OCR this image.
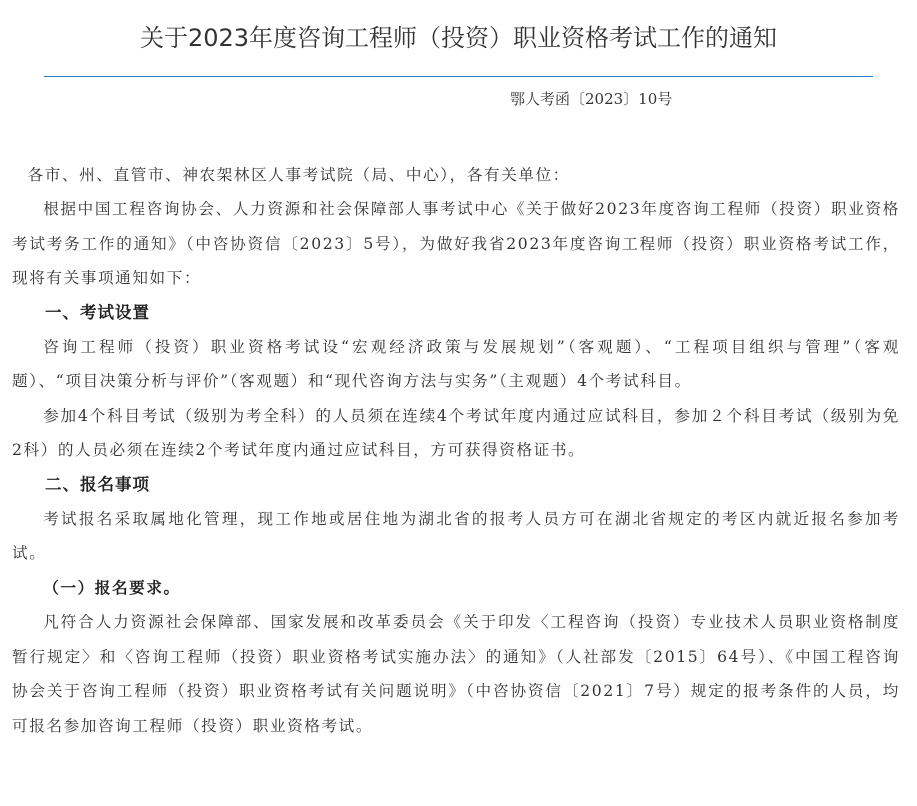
关于2023年度咨询工程师（投资）职业资格考试工作的通知
鄂人考函〔2023〕10号

各市、州、直管市、神农架林区人事考试院（局、中心），各有关单位：

根据中国工程咨询协会、人力资源和社会保障部人事考试中心《关于做好2023年度咨询工程师（投资）职业资格考试考务工作的通知》（中咨协资信〔2023〕5号），为做好我省2023年度咨询工程师（投资）职业资格考试工作，现将有关事项通知如下：

一、考试设置

咨询工程师（投资）职业资格考试设“宏观经济政策与发展规划”（客观题）、“工程项目组织与管理”（客观题）、“项目决策分析与评价”（客观题）和“现代咨询方法与实务”（主观题）4个考试科目。

参加4个科目考试（级别为考全科）的人员须在连续4个考试年度内通过应试科目，参加２个科目考试（级别为免2科）的人员必须在连续2个考试年度内通过应试科目，方可获得资格证书。

二、报名事项

考试报名采取属地化管理，现工作地或居住地为湖北省的报考人员方可在湖北省规定的考区内就近报名参加考试。

（一）报名要求。

凡符合人力资源社会保障部、国家发展和改革委员会《关于印发〈工程咨询（投资）专业技术人员职业资格制度暂行规定〉和〈咨询工程师（投资）职业资格考试实施办法〉的通知》（人社部发〔2015〕64号）、《中国工程咨询协会关于咨询工程师（投资）职业资格考试有关问题说明》（中咨协资信〔2021〕7号）规定的报考条件的人员，均可报名参加咨询工程师（投资）职业资格考试。
